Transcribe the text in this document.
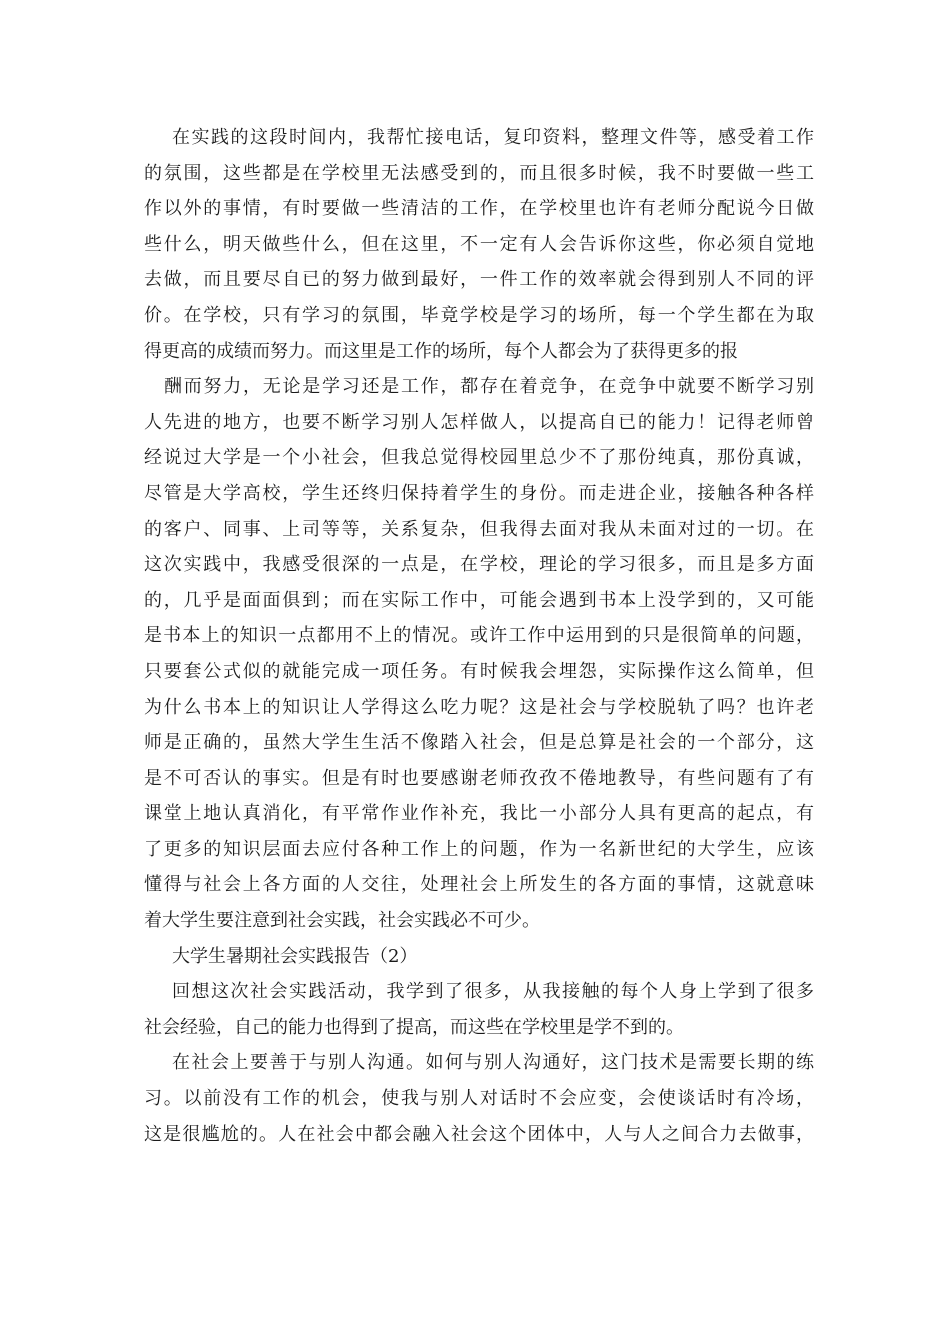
在实践的这段时间内，我帮忙接电话，复印资料，整理文件等，感受着工作
的氛围，这些都是在学校里无法感受到的，而且很多时候，我不时要做一些工
作以外的事情，有时要做一些清洁的工作，在学校里也许有老师分配说今日做
些什么，明天做些什么，但在这里，不一定有人会告诉你这些，你必须自觉地
去做，而且要尽自已的努力做到最好，一件工作的效率就会得到别人不同的评
价。在学校，只有学习的氛围，毕竟学校是学习的场所，每一个学生都在为取
得更高的成绩而努力。而这里是工作的场所，每个人都会为了获得更多的报
酬而努力，无论是学习还是工作，都存在着竞争，在竞争中就要不断学习别
人先进的地方，也要不断学习别人怎样做人，以提高自已的能力！记得老师曾
经说过大学是一个小社会，但我总觉得校园里总少不了那份纯真，那份真诚，
尽管是大学高校，学生还终归保持着学生的身份。而走进企业，接触各种各样
的客户、同事、上司等等，关系复杂，但我得去面对我从未面对过的一切。在
这次实践中，我感受很深的一点是，在学校，理论的学习很多，而且是多方面
的，几乎是面面俱到；而在实际工作中，可能会遇到书本上没学到的，又可能
是书本上的知识一点都用不上的情况。或许工作中运用到的只是很简单的问题，
只要套公式似的就能完成一项任务。有时候我会埋怨，实际操作这么简单，但
为什么书本上的知识让人学得这么吃力呢？这是社会与学校脱轨了吗？也许老
师是正确的，虽然大学生生活不像踏入社会，但是总算是社会的一个部分，这
是不可否认的事实。但是有时也要感谢老师孜孜不倦地教导，有些问题有了有
课堂上地认真消化，有平常作业作补充，我比一小部分人具有更高的起点，有
了更多的知识层面去应付各种工作上的问题，作为一名新世纪的大学生，应该
懂得与社会上各方面的人交往，处理社会上所发生的各方面的事情，这就意味
着大学生要注意到社会实践，社会实践必不可少。
大学生暑期社会实践报告（2）
回想这次社会实践活动，我学到了很多，从我接触的每个人身上学到了很多
社会经验，自己的能力也得到了提高，而这些在学校里是学不到的。
在社会上要善于与别人沟通。如何与别人沟通好，这门技术是需要长期的练
习。以前没有工作的机会，使我与别人对话时不会应变，会使谈话时有冷场，
这是很尴尬的。人在社会中都会融入社会这个团体中，人与人之间合力去做事，
